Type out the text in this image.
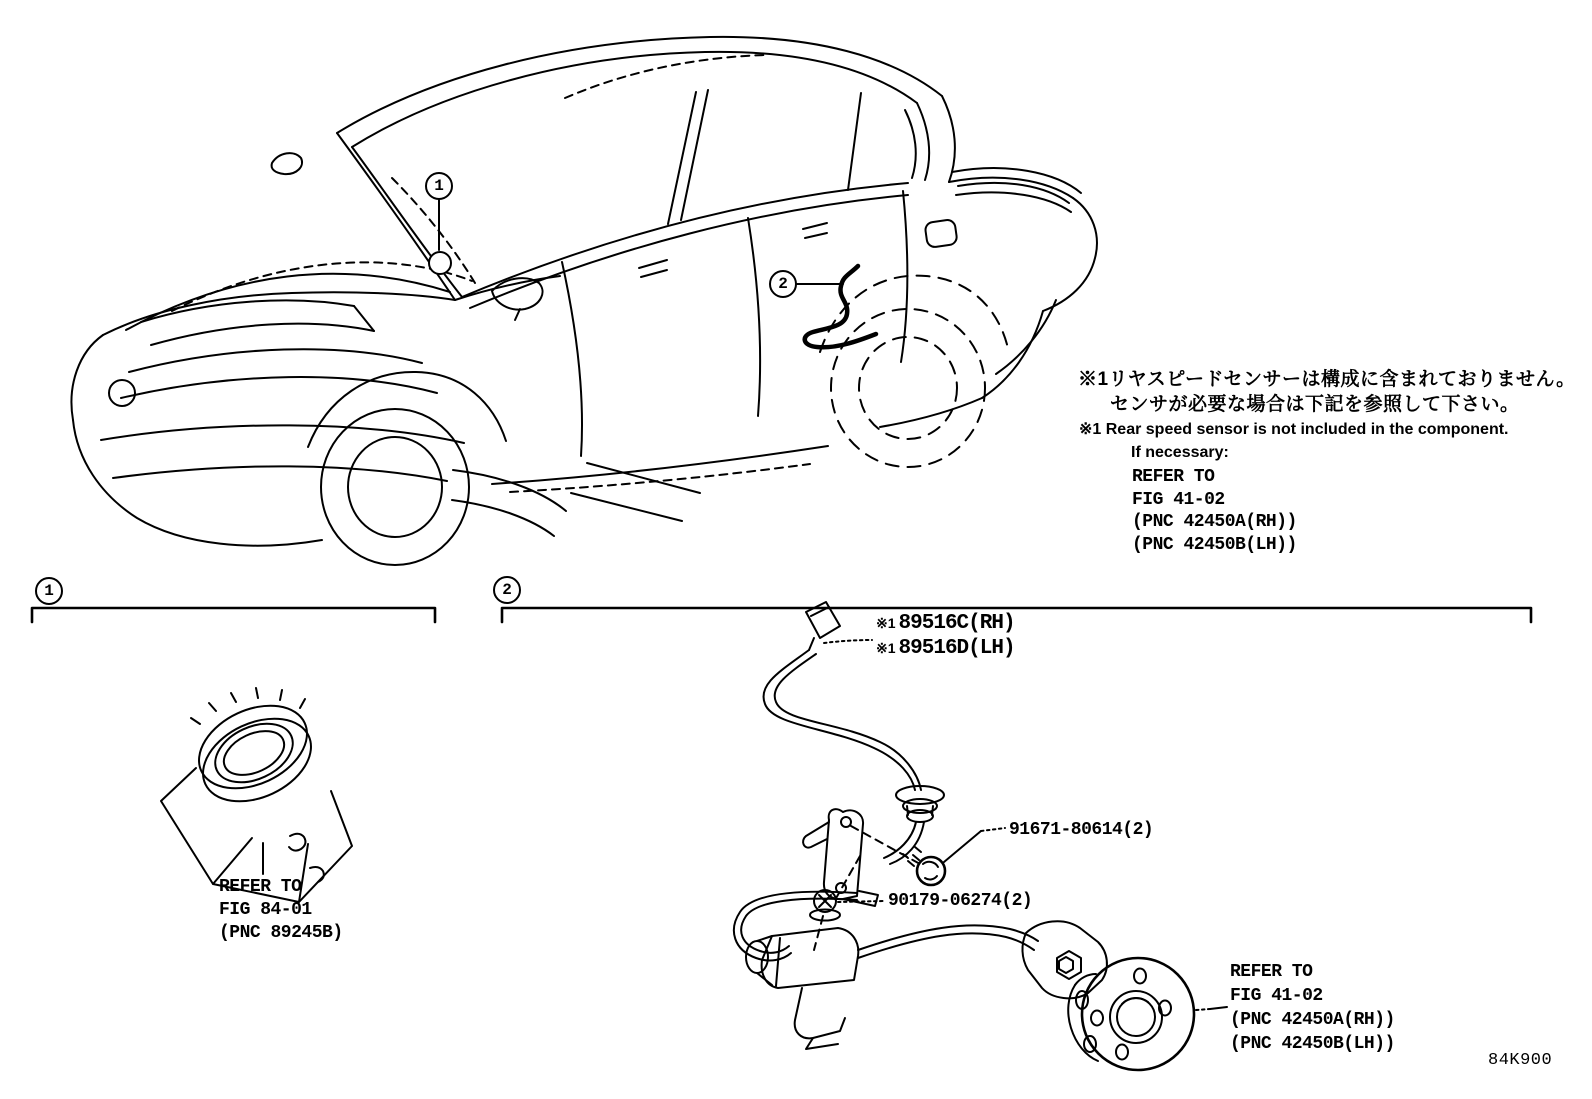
1
2
1	2
※1リヤスピードセンサーは構成に含まれておりません。
センサが必要な場合は下記を参照して下さい。
※1 Rear speed sensor is not included in the component.
If necessary:
REFER TO
FIG 41-02
(PNC 42450A(RH))
(PNC 42450B(LH))
※1 89516C(RH)
※1 89516D(LH)
91671-80614(2)
90179-06274(2)
REFER TO
FIG 84-01
(PNC 89245B)
REFER TO
FIG 41-02
(PNC 42450A(RH))
(PNC 42450B(LH))
84K900
